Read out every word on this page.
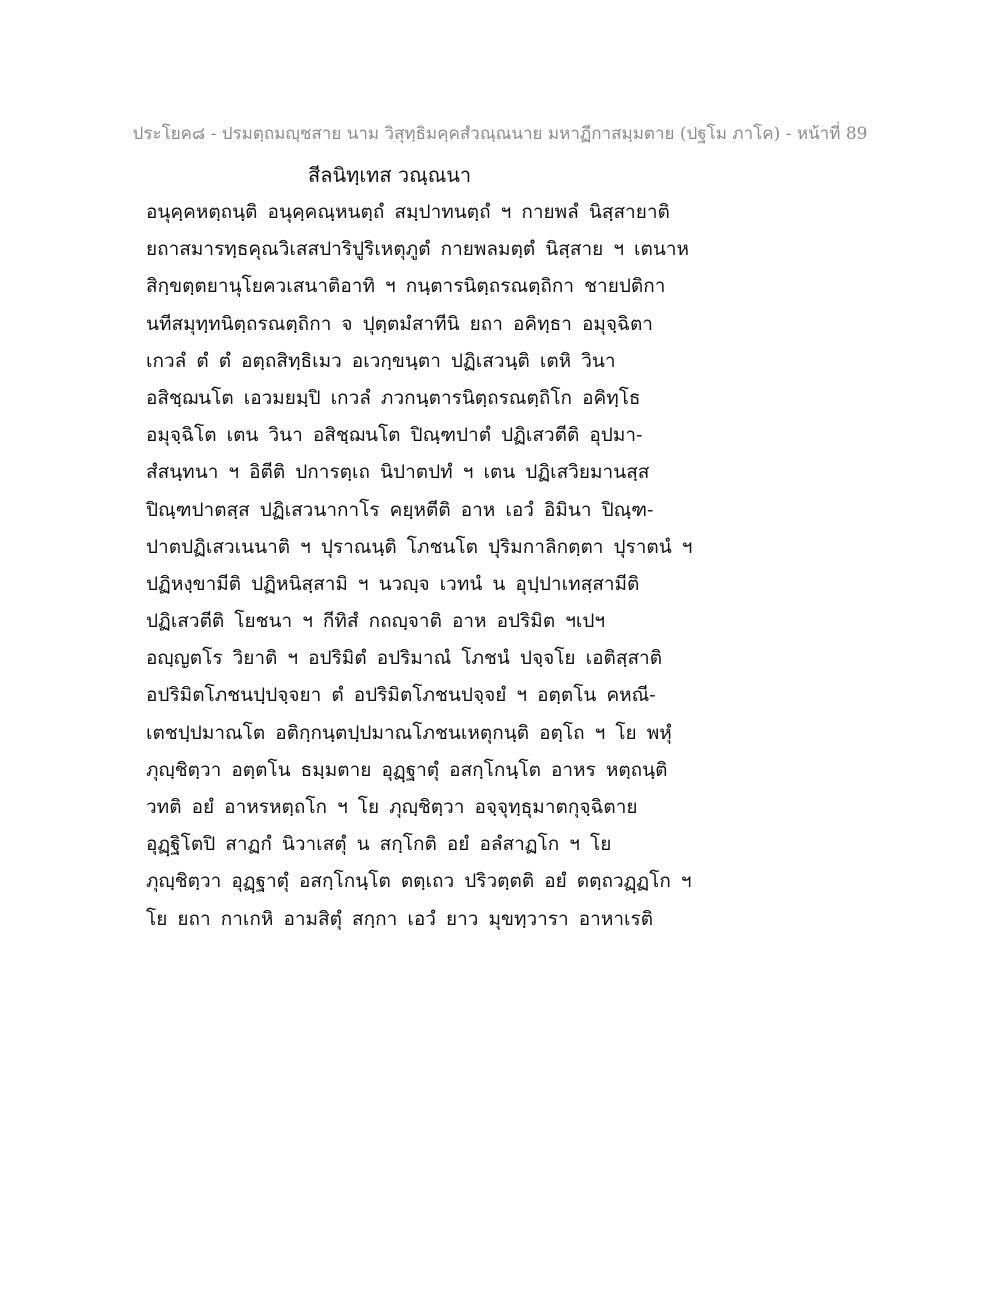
ประโยค๘ - ปรมตฺถมญฺชสาย นาม วิสุทฺธิมคฺคสํวณฺณนาย มหาฏีกาสมฺมตาย (ปฐโม ภาโค) - หน้าที่ 89
สีลนิทฺเทส วณฺณนา
อนุคฺคหตฺถนฺติ อนุคฺคณฺหนตฺถํ สมฺปาทนตฺถํ ฯ กายพลํ นิสฺสายาติ
ยถาสมารทฺธคุณวิเสสปาริปูริเหตุภูตํ กายพลมตฺตํ นิสฺสาย ฯ เตนาห
สิกฺขตฺตยานุโยควเสนาติอาทิ ฯ กนฺตารนิตฺถรณตฺถิกา ชายปติกา
นทีสมุทฺทนิตฺถรณตฺถิกา จ ปุตฺตมํสาทีนิ ยถา อคิทฺธา อมุจฺฉิตา
เกวลํ ตํ ตํ อตฺถสิทฺธิเมว อเวกฺขนฺตา ปฏิเสวนฺติ เตหิ วินา
อสิชฺฌนโต เอวมยมฺปิ เกวลํ ภวกนฺตารนิตฺถรณตฺถิโก อคิทฺโธ
อมุจฺฉิโต เตน วินา อสิชฺฌนโต ปิณฺฑปาตํ ปฏิเสวตีติ อุปมา-
สํสนฺทนา ฯ อิตีติ ปการตฺเถ นิปาตปทํ ฯ เตน ปฏิเสวิยมานสฺส
ปิณฺฑปาตสฺส ปฏิเสวนากาโร คยฺหตีติ อาห เอวํ อิมินา ปิณฺฑ-
ปาตปฏิเสวเนนาติ ฯ ปุราณนฺติ โภชนโต ปุริมกาลิกตฺตา ปุราตนํ ฯ
ปฏิหงฺขามีติ ปฏิหนิสฺสามิ ฯ นวญฺจ เวทนํ น อุปฺปาเทสฺสามีติ
ปฏิเสวตีติ โยชนา ฯ กีทิสํ กถญฺจาติ อาห อปริมิต ฯเปฯ
อญฺญตโร วิยาติ ฯ อปริมิตํ อปริมาณํ โภชนํ ปจฺจโย เอติสฺสาติ
อปริมิตโภชนปฺปจฺจยา ตํ อปริมิตโภชนปจฺจยํ ฯ อตฺตโน คหณี-
เตชปฺปมาณโต อติกฺกนฺตปฺปมาณโภชนเหตุกนฺติ อตฺโถ ฯ โย พหุํ
ภุญฺชิตฺวา อตฺตโน ธมฺมตาย อุฏฺฐาตุํ อสกฺโกนฺโต อาหร หตฺถนฺติ
วทติ อยํ อาหรหตฺถโก ฯ โย ภุญฺชิตฺวา อจฺจุทฺธุมาตกุจฺฉิตาย
อุฏฺฐิโตปิ สาฏกํ นิวาเสตุํ น สกฺโกติ อยํ อลํสาฏโก ฯ โย
ภุญฺชิตฺวา อุฏฺฐาตุํ อสกฺโกนฺโต ตตฺเถว ปริวตฺตติ อยํ ตตฺถวฏฺฏโก ฯ
โย ยถา กาเกหิ อามสิตุํ สกฺกา เอวํ ยาว มุขทฺวารา อาหาเรติ
